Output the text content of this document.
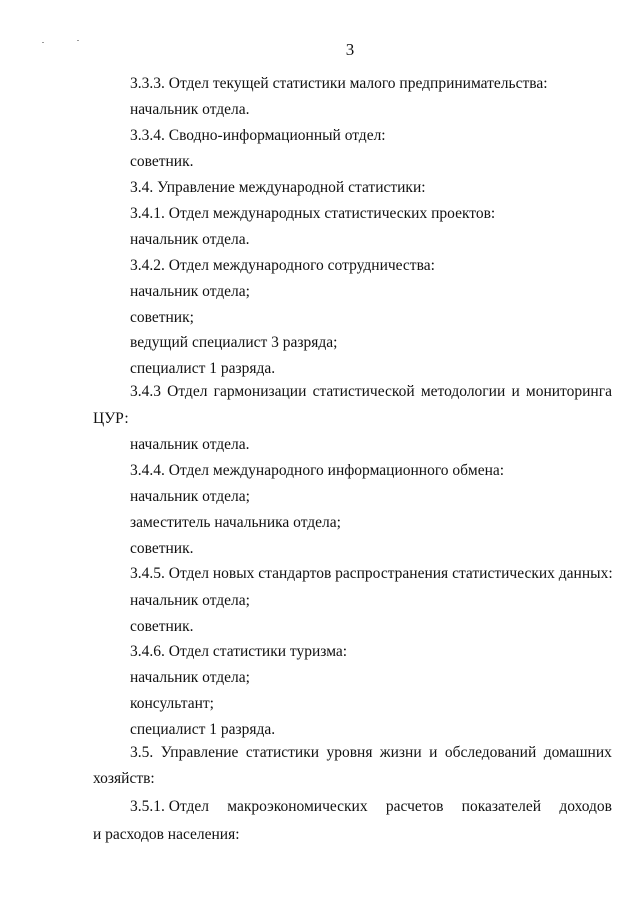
3
3.3.3. Отдел текущей статистики малого предпринимательства:
начальник отдела.
3.3.4. Сводно-информационный отдел:
советник.
3.4. Управление международной статистики:
3.4.1. Отдел международных статистических проектов:
начальник отдела.
3.4.2. Отдел международного сотрудничества:
начальник отдела;
советник;
ведущий специалист 3 разряда;
специалист 1 разряда.
3.4.3 Отдел гармонизации статистической методологии и мониторинга
ЦУР:
начальник отдела.
3.4.4. Отдел международного информационного обмена:
начальник отдела;
заместитель начальника отдела;
советник.
3.4.5. Отдел новых стандартов распространения статистических данных:
начальник отдела;
советник.
3.4.6. Отдел статистики туризма:
начальник отдела;
консультант;
специалист 1 разряда.
3.5. Управление статистики уровня жизни и обследований домашних
хозяйств:
3.5.1. Отдел макроэкономических расчетов показателей доходов
и расходов населения:
